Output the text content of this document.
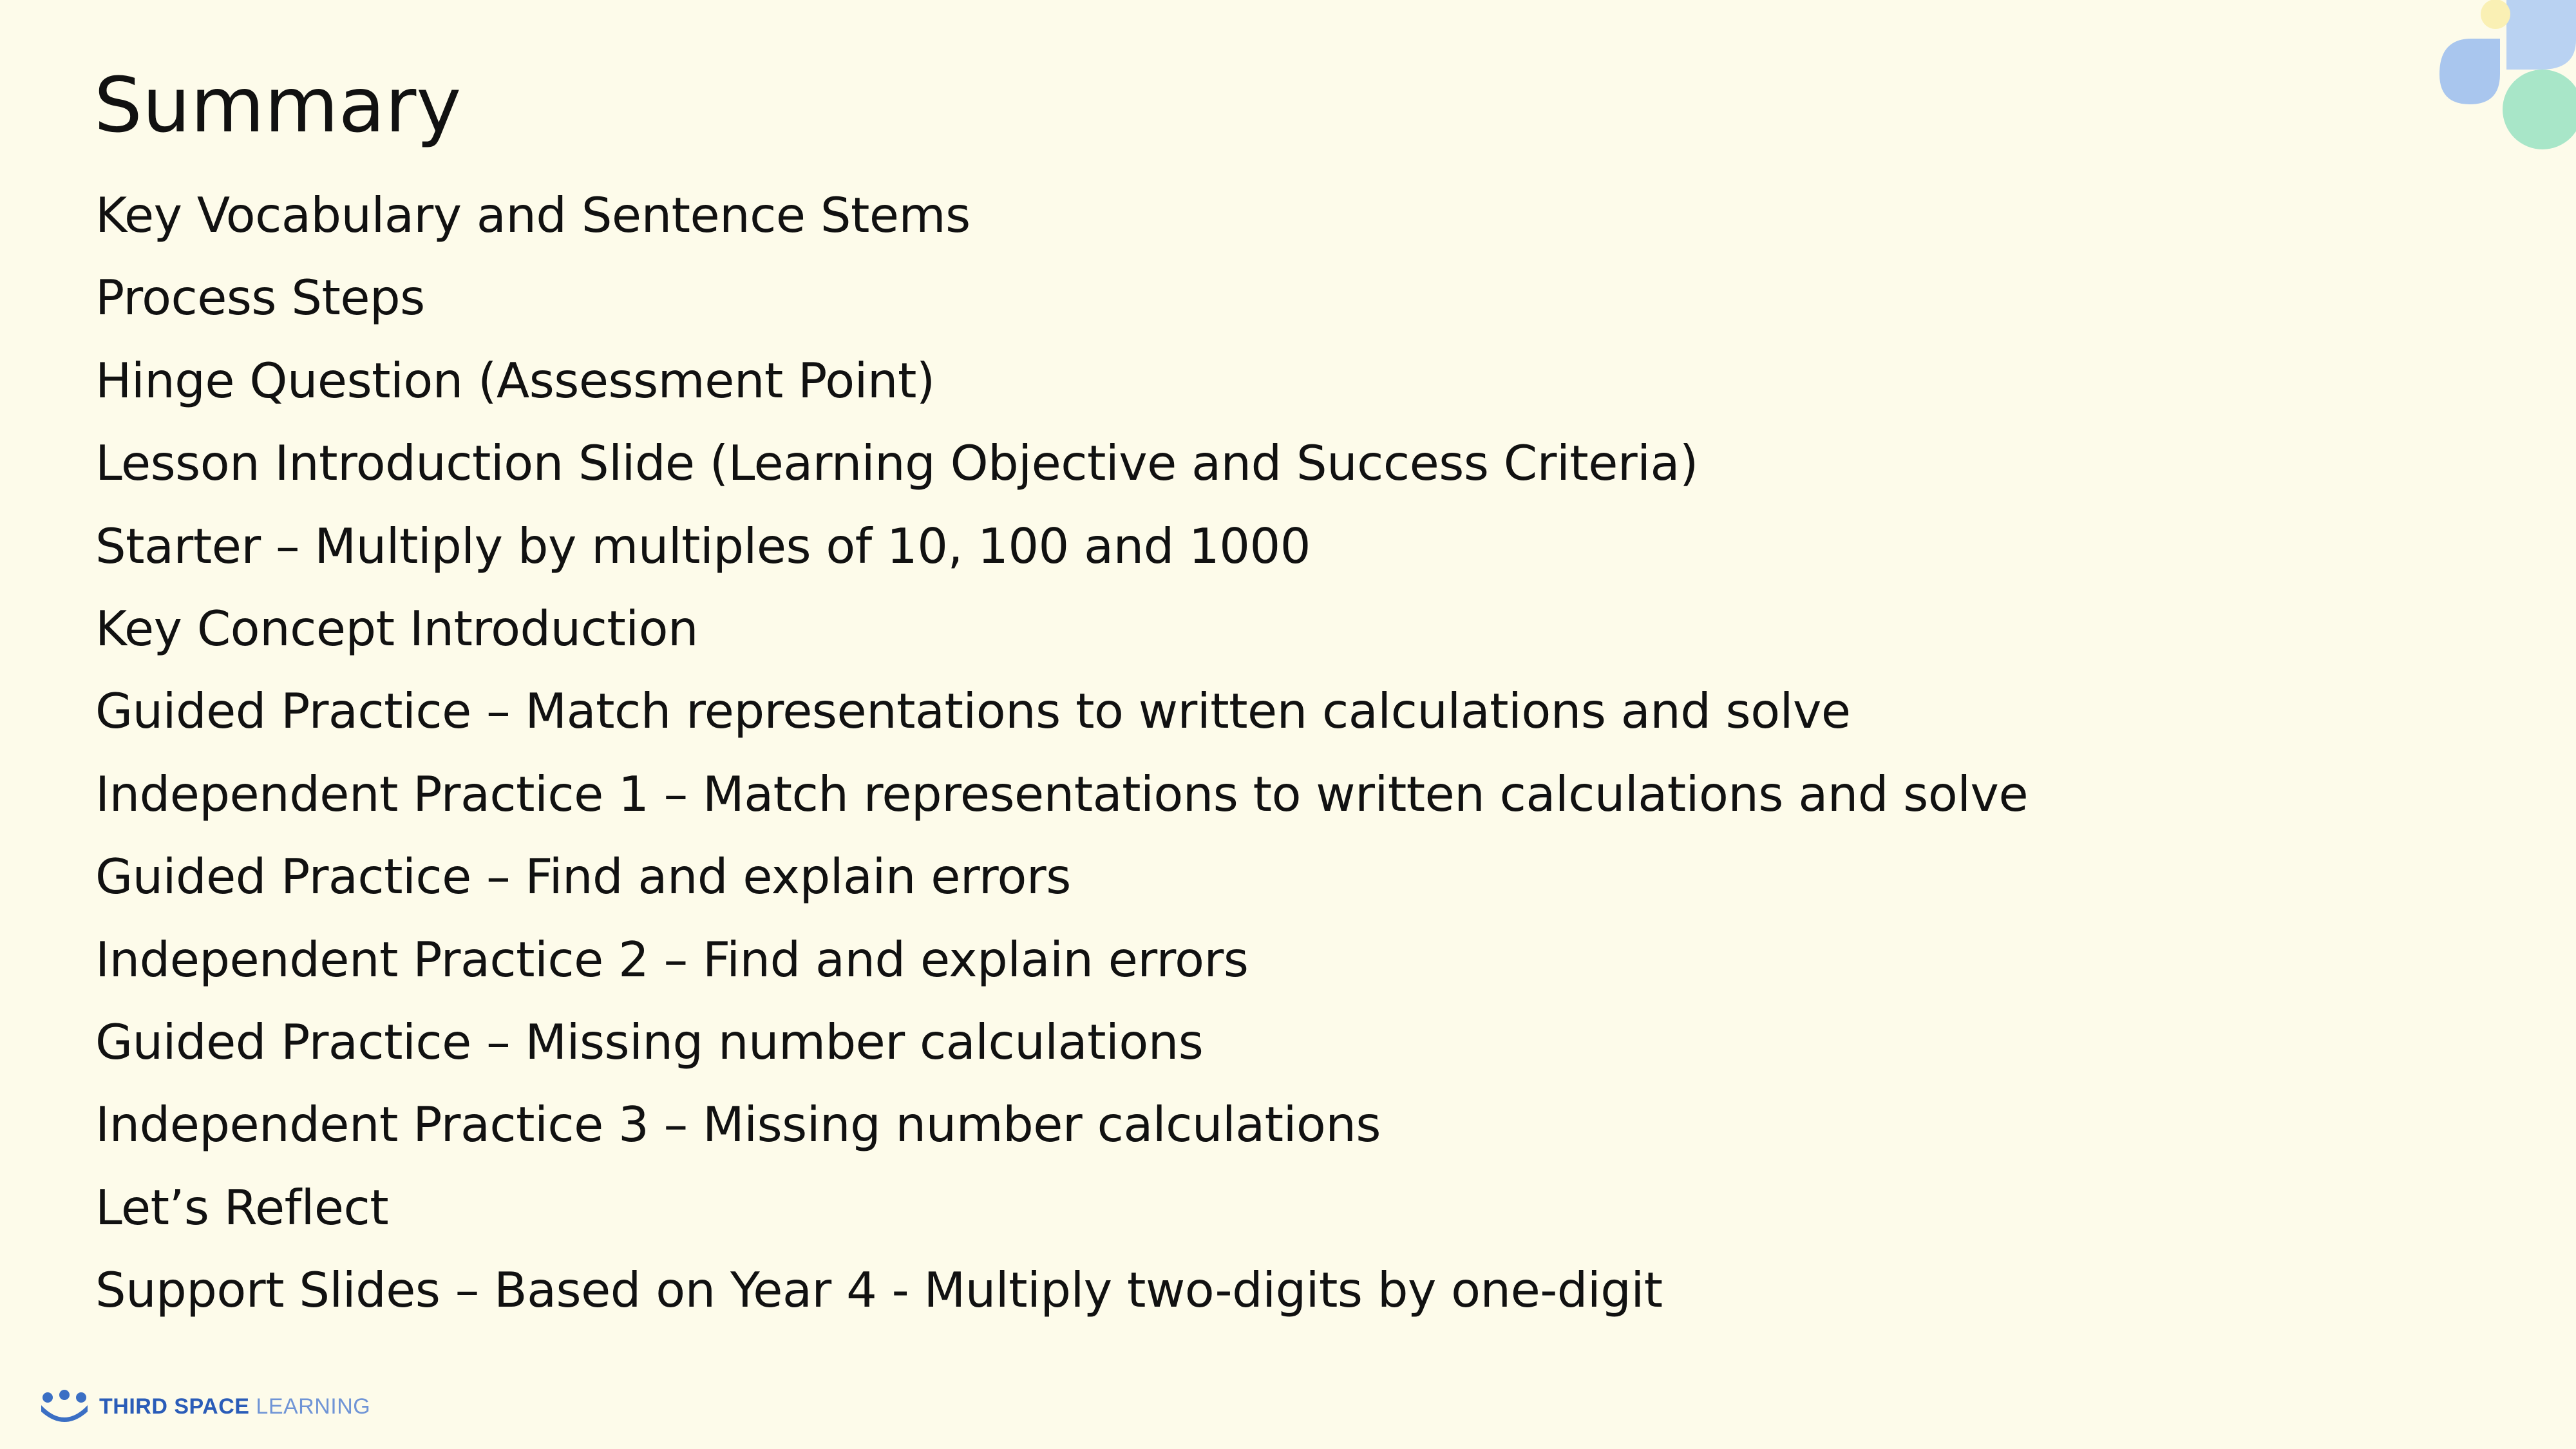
Summary
Key Vocabulary and Sentence Stems
Process Steps
Hinge Question (Assessment Point)
Lesson Introduction Slide (Learning Objective and Success Criteria)
Starter – Multiply by multiples of 10, 100 and 1000
Key Concept Introduction
Guided Practice – Match representations to written calculations and solve
Independent Practice 1 – Match representations to written calculations and solve
Guided Practice – Find and explain errors
Independent Practice 2 – Find and explain errors
Guided Practice – Missing number calculations
Independent Practice 3 – Missing number calculations
Let’s Reflect
Support Slides – Based on Year 4 - Multiply two-digits by one-digit
THIRD SPACE LEARNING
